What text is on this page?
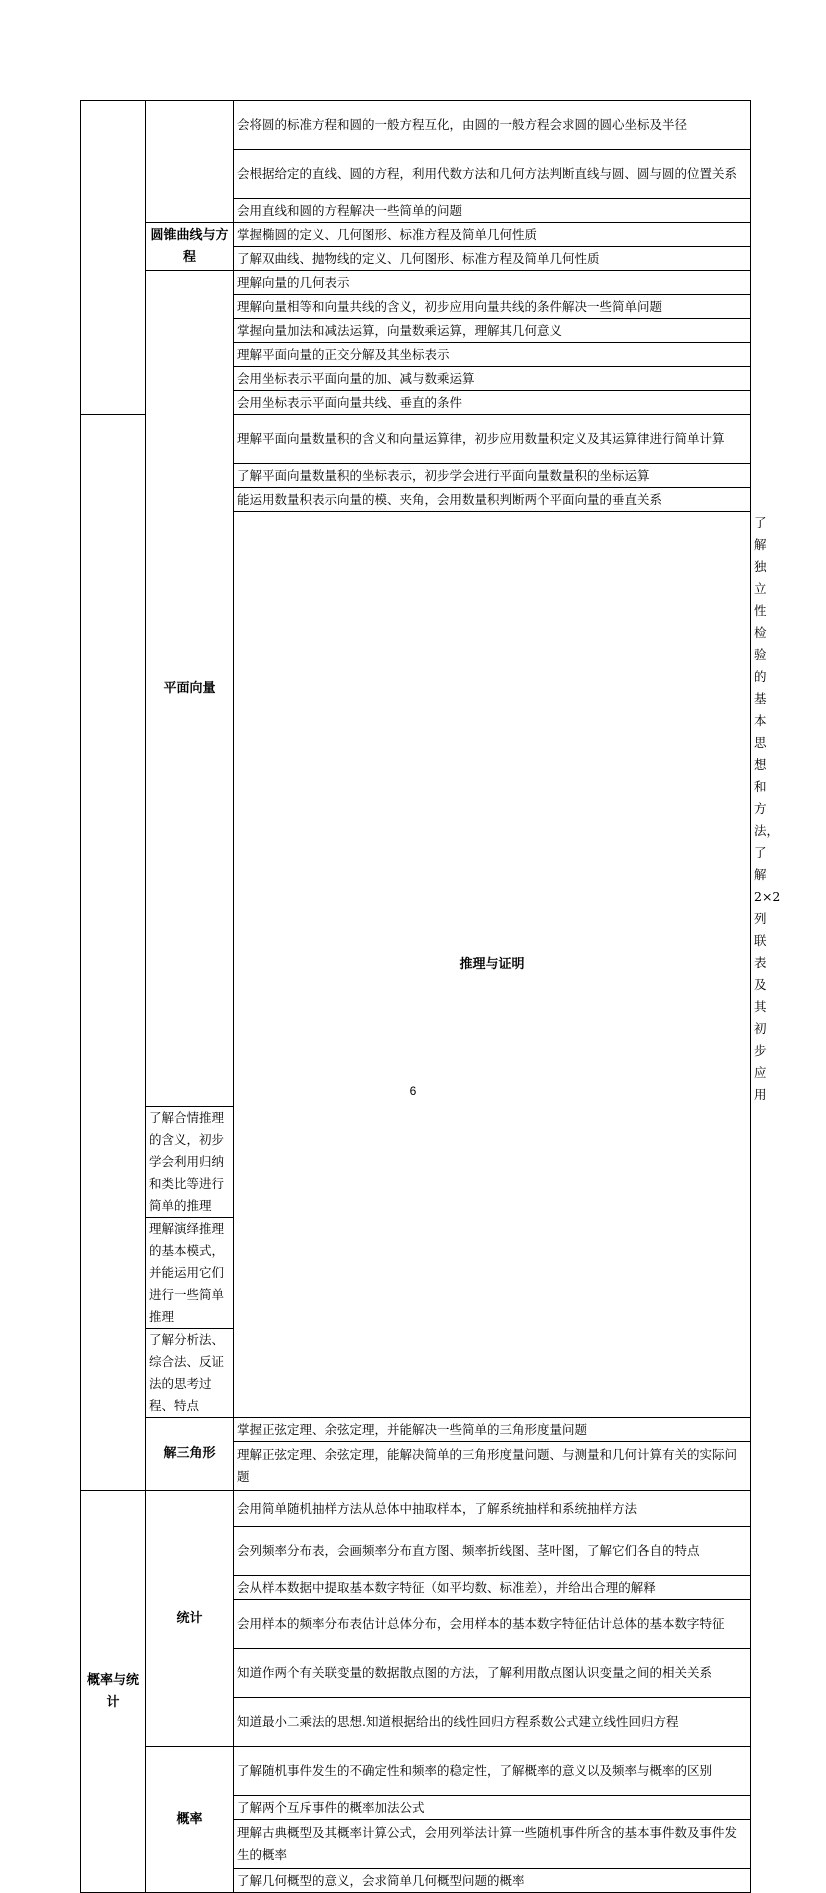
		会将圆的标准方程和圆的一般方程互化，由圆的一般方程会求圆的圆心坐标及半径	
		会根据给定的直线、圆的方程，利用代数方法和几何方法判断直线与圆、圆与圆的位置关系	
		会用直线和圆的方程解决一些简单的问题	
	圆锥曲线与方程	掌握椭圆的定义、几何图形、标准方程及简单几何性质	
		了解双曲线、抛物线的定义、几何图形、标准方程及简单几何性质	
	平面向量	理解向量的几何表示	
		理解向量相等和向量共线的含义，初步应用向量共线的条件解决一些简单问题	
		掌握向量加法和减法运算，向量数乘运算，理解其几何意义	
		理解平面向量的正交分解及其坐标表示	
		会用坐标表示平面向量的加、减与数乘运算	
		会用坐标表示平面向量共线、垂直的条件	
		理解平面向量数量积的含义和向量运算律，初步应用数量积定义及其运算律进行简单计算	
		了解平面向量数量积的坐标表示，初步学会进行平面向量数量积的坐标运算	
		能运用数量积表示向量的模、夹角，会用数量积判断两个平面向量的垂直关系	
		推理与证明	了解独立性检验的基本思想和方法，了解 2×2 列联表及其初步应用
	了解合情推理的含义，初步学会利用归纳和类比等进行简单的推理		
	理解演绎推理的基本模式，并能运用它们进行一些简单推理		
	了解分析法、综合法、反证法的思考过程、特点		
	解三角形	掌握正弦定理、余弦定理，并能解决一些简单的三角形度量问题	
		理解正弦定理、余弦定理，能解决简单的三角形度量问题、与测量和几何计算有关的实际问题	
概率与统计	统计	会用简单随机抽样方法从总体中抽取样本，了解系统抽样和系统抽样方法	
		会列频率分布表，会画频率分布直方图、频率折线图、茎叶图，了解它们各自的特点	
		会从样本数据中提取基本数字特征（如平均数、标准差），并给出合理的解释	
		会用样本的频率分布表估计总体分布，会用样本的基本数字特征估计总体的基本数字特征	
		知道作两个有关联变量的数据散点图的方法，了解利用散点图认识变量之间的相关关系	
		知道最小二乘法的思想.知道根据给出的线性回归方程系数公式建立线性回归方程	
	概率	了解随机事件发生的不确定性和频率的稳定性，了解概率的意义以及频率与概率的区别	
		了解两个互斥事件的概率加法公式	
		理解古典概型及其概率计算公式，会用列举法计算一些随机事件所含的基本事件数及事件发生的概率	
		了解几何概型的意义，会求简单几何概型问题的概率	
6
